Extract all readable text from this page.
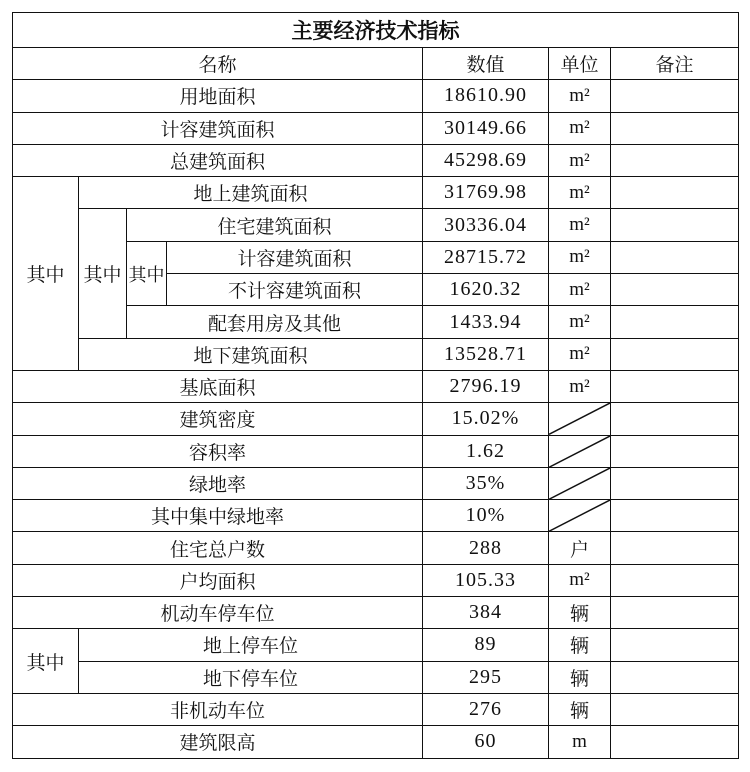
主要经济技术指标						
名称				数值	单位	备注
用地面积				18610.90	m²	
计容建筑面积				30149.66	m²	
总建筑面积				45298.69	m²	
其中	地上建筑面积			31769.98	m²	
	其中	住宅建筑面积		30336.04	m²	
		其中	计容建筑面积	28715.72	m²	
			不计容建筑面积	1620.32	m²	
		配套用房及其他		1433.94	m²	
	地下建筑面积			13528.71	m²	
基底面积				2796.19	m²	
建筑密度				15.02%	

容积率				1.62	

绿地率				35%	

其中集中绿地率				10%	

住宅总户数				288	户	
户均面积				105.33	m²	
机动车停车位				384	辆	
其中	地上停车位			89	辆	
	地下停车位			295	辆	
非机动车位				276	辆	
建筑限高				60	m	
